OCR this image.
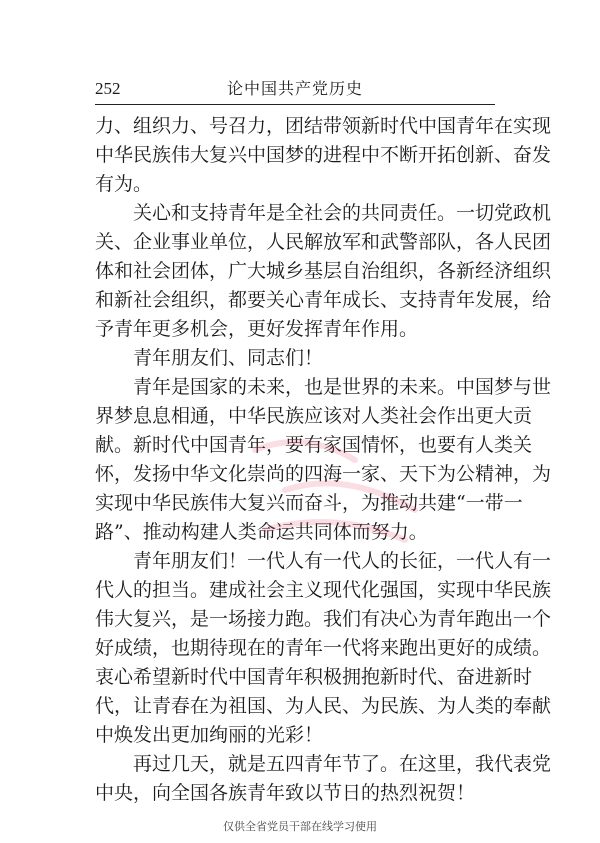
252	论中国共产党历史
力、组织力、号召力，团结带领新时代中国青年在实现
中华民族伟大复兴中国梦的进程中不断开拓创新、奋发
有为。
关心和支持青年是全社会的共同责任。一切党政机
关、企业事业单位，人民解放军和武警部队，各人民团
体和社会团体，广大城乡基层自治组织，各新经济组织
和新社会组织，都要关心青年成长、支持青年发展，给
予青年更多机会，更好发挥青年作用。
青年朋友们、同志们！
青年是国家的未来，也是世界的未来。中国梦与世
界梦息息相通，中华民族应该对人类社会作出更大贡
献。新时代中国青年，要有家国情怀，也要有人类关
怀，发扬中华文化崇尚的四海一家、天下为公精神，为
实现中华民族伟大复兴而奋斗，为推动共建“一带一
路”、推动构建人类命运共同体而努力。
青年朋友们！一代人有一代人的长征，一代人有一
代人的担当。建成社会主义现代化强国，实现中华民族
伟大复兴，是一场接力跑。我们有决心为青年跑出一个
好成绩，也期待现在的青年一代将来跑出更好的成绩。
衷心希望新时代中国青年积极拥抱新时代、奋进新时
代，让青春在为祖国、为人民、为民族、为人类的奉献
中焕发出更加绚丽的光彩！
再过几天，就是五四青年节了。在这里，我代表党
中央，向全国各族青年致以节日的热烈祝贺！
仅供全省党员干部在线学习使用
